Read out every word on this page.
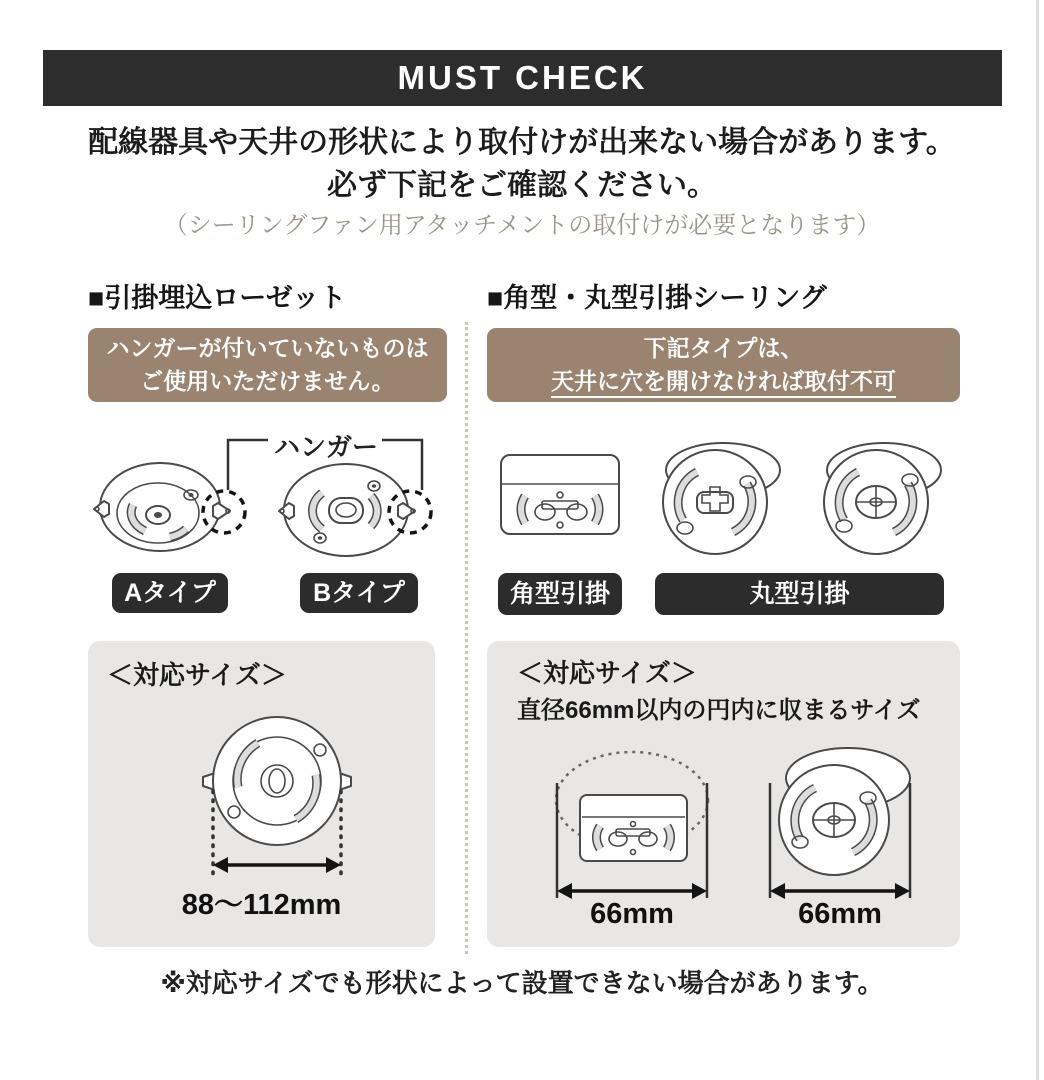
MUST CHECK
配線器具や天井の形状により取付けが出来ない場合があります。
必ず下記をご確認ください。
（シーリングファン用アタッチメントの取付けが必要となります）
■引掛埋込ローゼット
ハンガーが付いていないものは
ご使用いただけません。
ハンガー
Aタイプ	Bタイプ
＜対応サイズ＞
88〜112mm
■角型・丸型引掛シーリング
下記タイプは、
天井に穴を開けなければ取付不可
角型引掛	丸型引掛
＜対応サイズ＞
直径66mm以内の円内に収まるサイズ
66mm	66mm
※対応サイズでも形状によって設置できない場合があります。
